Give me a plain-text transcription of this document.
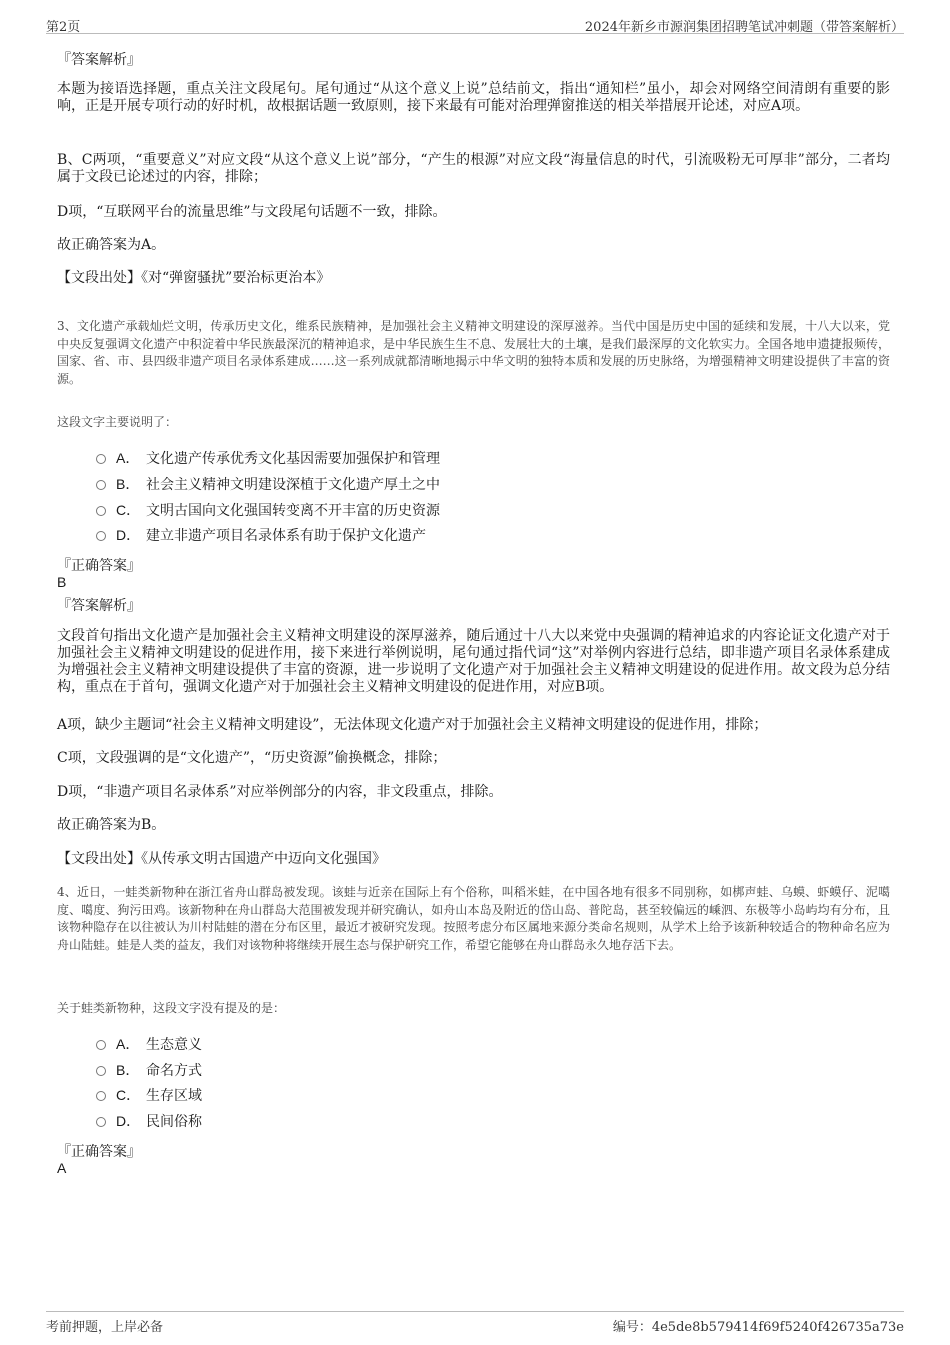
第2页	2024年新乡市源润集团招聘笔试冲刺题（带答案解析）
『答案解析』
本题为接语选择题，重点关注文段尾句。尾句通过“从这个意义上说”总结前文，指出“通知栏”虽小，却会对网络空间清朗有重要的影响，正是开展专项行动的好时机，故根据话题一致原则，接下来最有可能对治理弹窗推送的相关举措展开论述，对应A项。
B、C两项，“重要意义”对应文段“从这个意义上说”部分，“产生的根源”对应文段“海量信息的时代，引流吸粉无可厚非”部分，二者均属于文段已论述过的内容，排除；
D项，“互联网平台的流量思维”与文段尾句话题不一致，排除。
故正确答案为A。
【文段出处】《对“弹窗骚扰”要治标更治本》
3、文化遗产承载灿烂文明，传承历史文化，维系民族精神，是加强社会主义精神文明建设的深厚滋养。当代中国是历史中国的延续和发展，十八大以来，党中央反复强调文化遗产中积淀着中华民族最深沉的精神追求，是中华民族生生不息、发展壮大的土壤，是我们最深厚的文化软实力。全国各地申遗捷报频传，国家、省、市、县四级非遗产项目名录体系建成……这一系列成就都清晰地揭示中华文明的独特本质和发展的历史脉络，为增强精神文明建设提供了丰富的资源。
这段文字主要说明了：
A． 文化遗产传承优秀文化基因需要加强保护和管理
B． 社会主义精神文明建设深植于文化遗产厚土之中
C． 文明古国向文化强国转变离不开丰富的历史资源
D． 建立非遗产项目名录体系有助于保护文化遗产
『正确答案』
B
『答案解析』
文段首句指出文化遗产是加强社会主义精神文明建设的深厚滋养，随后通过十八大以来党中央强调的精神追求的内容论证文化遗产对于加强社会主义精神文明建设的促进作用，接下来进行举例说明，尾句通过指代词“这”对举例内容进行总结，即非遗产项目名录体系建成为增强社会主义精神文明建设提供了丰富的资源，进一步说明了文化遗产对于加强社会主义精神文明建设的促进作用。故文段为总分结构，重点在于首句，强调文化遗产对于加强社会主义精神文明建设的促进作用，对应B项。
A项，缺少主题词“社会主义精神文明建设”，无法体现文化遗产对于加强社会主义精神文明建设的促进作用，排除；
C项，文段强调的是“文化遗产”，“历史资源”偷换概念，排除；
D项，“非遗产项目名录体系”对应举例部分的内容，非文段重点，排除。
故正确答案为B。
【文段出处】《从传承文明古国遗产中迈向文化强国》
4、近日，一蛙类新物种在浙江省舟山群岛被发现。该蛙与近亲在国际上有个俗称，叫稻米蛙，在中国各地有很多不同别称，如梆声蛙、乌蟆、虾蟆仔、泥噶度、噶度、狗污田鸡。该新物种在舟山群岛大范围被发现并研究确认，如舟山本岛及附近的岱山岛、普陀岛，甚至较偏远的嵊泗、东极等小岛屿均有分布，且该物种隐存在以往被认为川村陆蛙的潜在分布区里，最近才被研究发现。按照考虑分布区属地来源分类命名规则，从学术上给予该新种较适合的物种命名应为舟山陆蛙。蛙是人类的益友，我们对该物种将继续开展生态与保护研究工作，希望它能够在舟山群岛永久地存活下去。
关于蛙类新物种，这段文字没有提及的是：
A． 生态意义
B． 命名方式
C． 生存区域
D． 民间俗称
『正确答案』
A
考前押题，上岸必备	编号：4e5de8b579414f69f5240f426735a73e
